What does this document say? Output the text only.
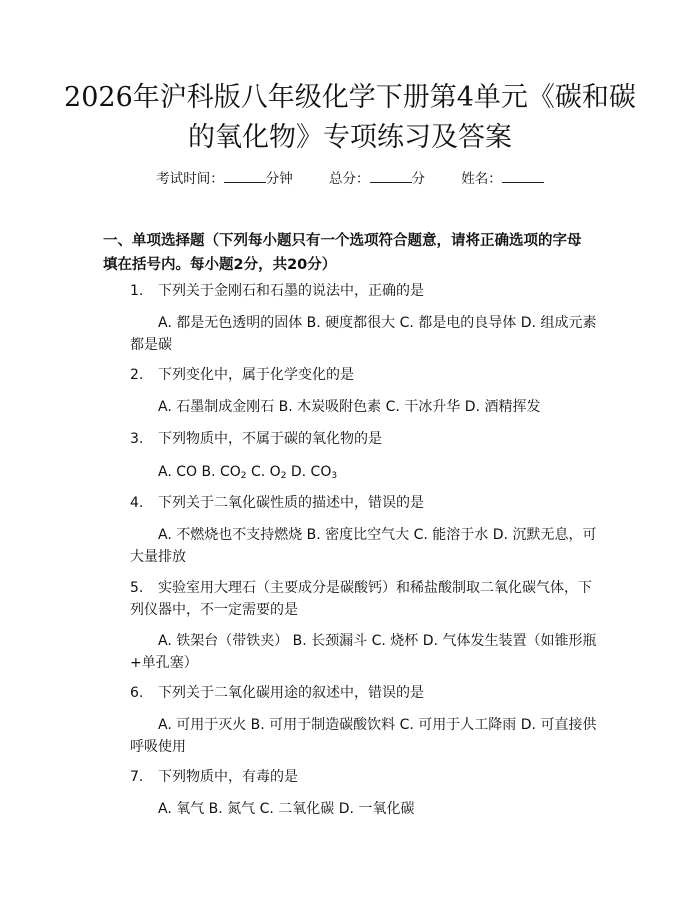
2026年沪科版八年级化学下册第4单元《碳和碳的氧化物》专项练习及答案
考试时间：	分钟	总分：	分	姓名：
一、单项选择题（下列每小题只有一个选项符合题意，请将正确选项的字母填在括号内。每小题2分，共20分）
1. 下列关于金刚石和石墨的说法中，正确的是
A. 都是无色透明的固体 B. 硬度都很大 C. 都是电的良导体 D. 组成元素都是碳
2. 下列变化中，属于化学变化的是
A. 石墨制成金刚石 B. 木炭吸附色素 C. 干冰升华 D. 酒精挥发
3. 下列物质中，不属于碳的氧化物的是
A. CO B. $CO_2$ C. $O_2$ D. $CO_3$
4. 下列关于二氧化碳性质的描述中，错误的是
A. 不燃烧也不支持燃烧 B. 密度比空气大 C. 能溶于水 D. 沉默无息，可大量排放
5. 实验室用大理石（主要成分是碳酸钙）和稀盐酸制取二氧化碳气体，下列仪器中，不一定需要的是
A. 铁架台（带铁夹） B. 长颈漏斗 C. 烧杯 D. 气体发生装置（如锥形瓶+单孔塞）
6. 下列关于二氧化碳用途的叙述中，错误的是
A. 可用于灭火 B. 可用于制造碳酸饮料 C. 可用于人工降雨 D. 可直接供呼吸使用
7. 下列物质中，有毒的是
A. 氧气 B. 氮气 C. 二氧化碳 D. 一氧化碳
